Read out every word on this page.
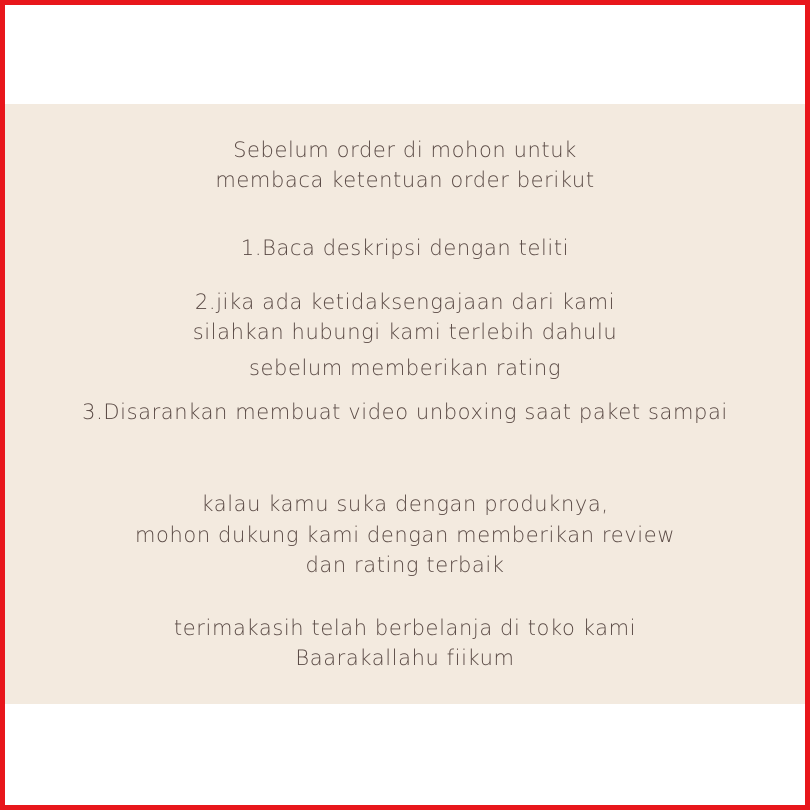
Sebelum order di mohon untuk
membaca ketentuan order berikut
1.Baca deskripsi dengan teliti
2.jika ada ketidaksengajaan dari kami
silahkan hubungi kami terlebih dahulu
sebelum memberikan rating
3.Disarankan membuat video unboxing saat paket sampai
kalau kamu suka dengan produknya,
mohon dukung kami dengan memberikan review
dan rating terbaik
terimakasih telah berbelanja di toko kami
Baarakallahu fiikum
